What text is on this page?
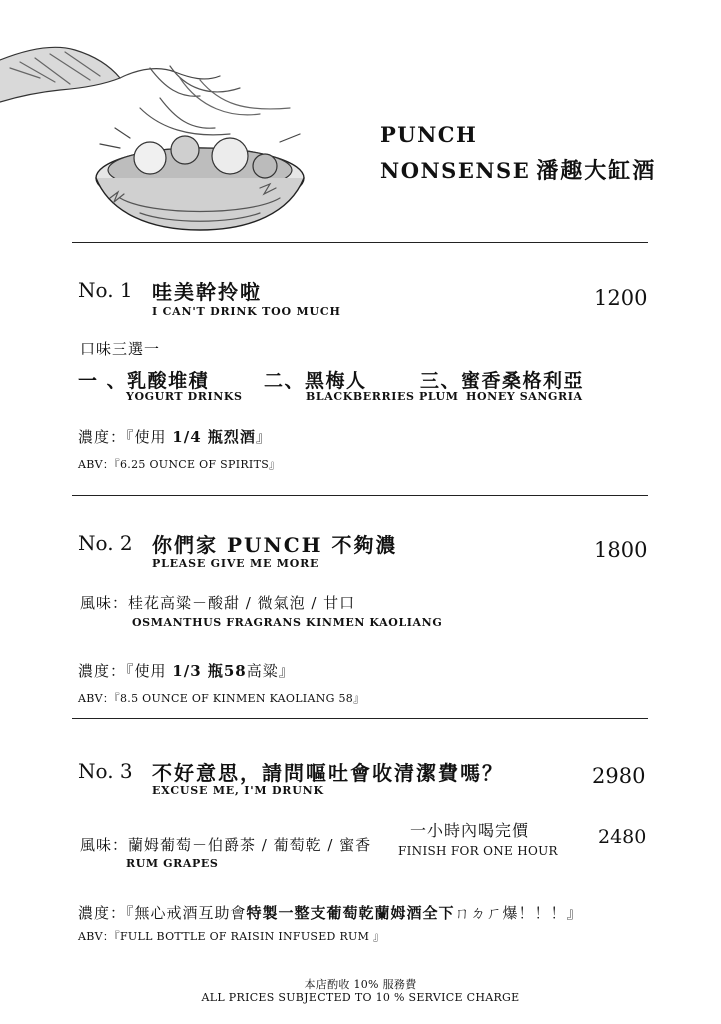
PUNCH
NONSENSE 潘趣大缸酒
No. 1 哇美幹拎啦
I CAN'T DRINK TOO MUCH
1200
口味三選一
一 、乳酸堆積
YOGURT DRINKS
二、黑梅人
BLACKBERRIES PLUM
三、蜜香桑格利亞
HONEY SANGRIA
濃度：『使用 1/4 瓶烈酒』
ABV：『6.25 OUNCE OF SPIRITS』
No. 2 你們家 PUNCH 不夠濃
PLEASE GIVE ME MORE
1800
風味：桂花高粱－酸甜 / 微氣泡 / 甘口
OSMANTHUS FRAGRANS KINMEN KAOLIANG
濃度：『使用 1/3 瓶58高粱』
ABV：『8.5 OUNCE OF KINMEN KAOLIANG 58』
No. 3 不好意思，請問嘔吐會收清潔費嗎？
EXCUSE ME, I'M DRUNK
2980
風味：蘭姆葡萄－伯爵茶 / 葡萄乾 / 蜜香
RUM GRAPES
一小時內喝完價
FINISH FOR ONE HOUR
2480
濃度：『無心戒酒互助會特製一整支葡萄乾蘭姆酒全下ㄇㄉㄏ爆！！！』
ABV：『FULL BOTTLE OF RAISIN INFUSED RUM 』
本店酌收 10% 服務費
ALL PRICES SUBJECTED TO 10 % SERVICE CHARGE
